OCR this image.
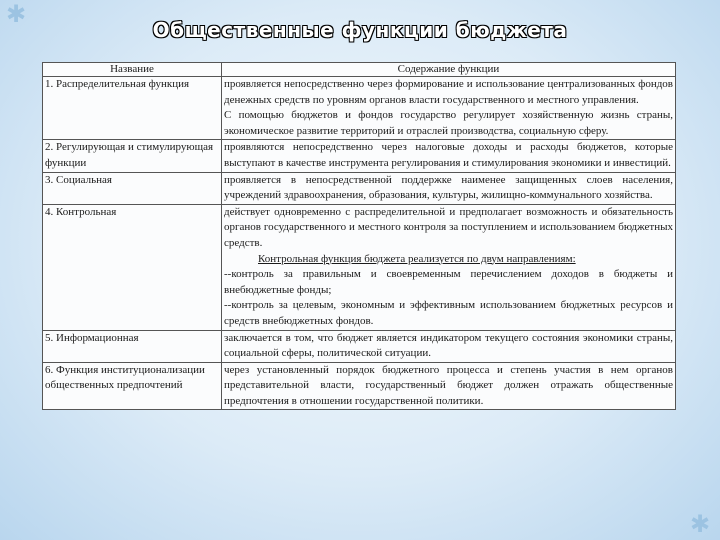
✱
✱
Общественные функции бюджета
Название	Содержание функции
1. Распределительная функция	проявляется непосредственно через формирование и использование централизованных фондов денежных средств по уровням органов власти государственного и местного управления.
С помощью бюджетов и фондов государство регулирует хозяйственную жизнь страны, экономическое развитие территорий и отраслей производства, социальную сферу.

2. Регулирующая и стимулирующая функции	проявляются непосредственно через налоговые доходы и расходы бюджетов, которые выступают в качестве инструмента регулирования и стимулирования экономики и инвестиций.

3. Социальная	проявляется в непосредственной поддержке наименее защищенных слоев населения, учреждений здравоохранения, образования, культуры, жилищно-коммунального хозяйства.

4. Контрольная	действует одновременно с распределительной и предполагает возможность и обязательность органов государственного и местного контроля за поступлением и использованием бюджетных средств.
Контрольная функция бюджета реализуется по двум направлениям:
--контроль за правильным и своевременным перечислением доходов в бюджеты и внебюджетные фонды;
--контроль за целевым, экономным и эффективным использованием бюджетных ресурсов и средств внебюджетных фондов.

5. Информационная	заключается в том, что бюджет является индикатором текущего состояния экономики страны, социальной сферы, политической ситуации.

6. Функция институционализации общественных предпочтений	через установленный порядок бюджетного процесса и степень участия в нем органов представительной власти, государственный бюджет должен отражать общественные предпочтения в отношении государственной политики.
